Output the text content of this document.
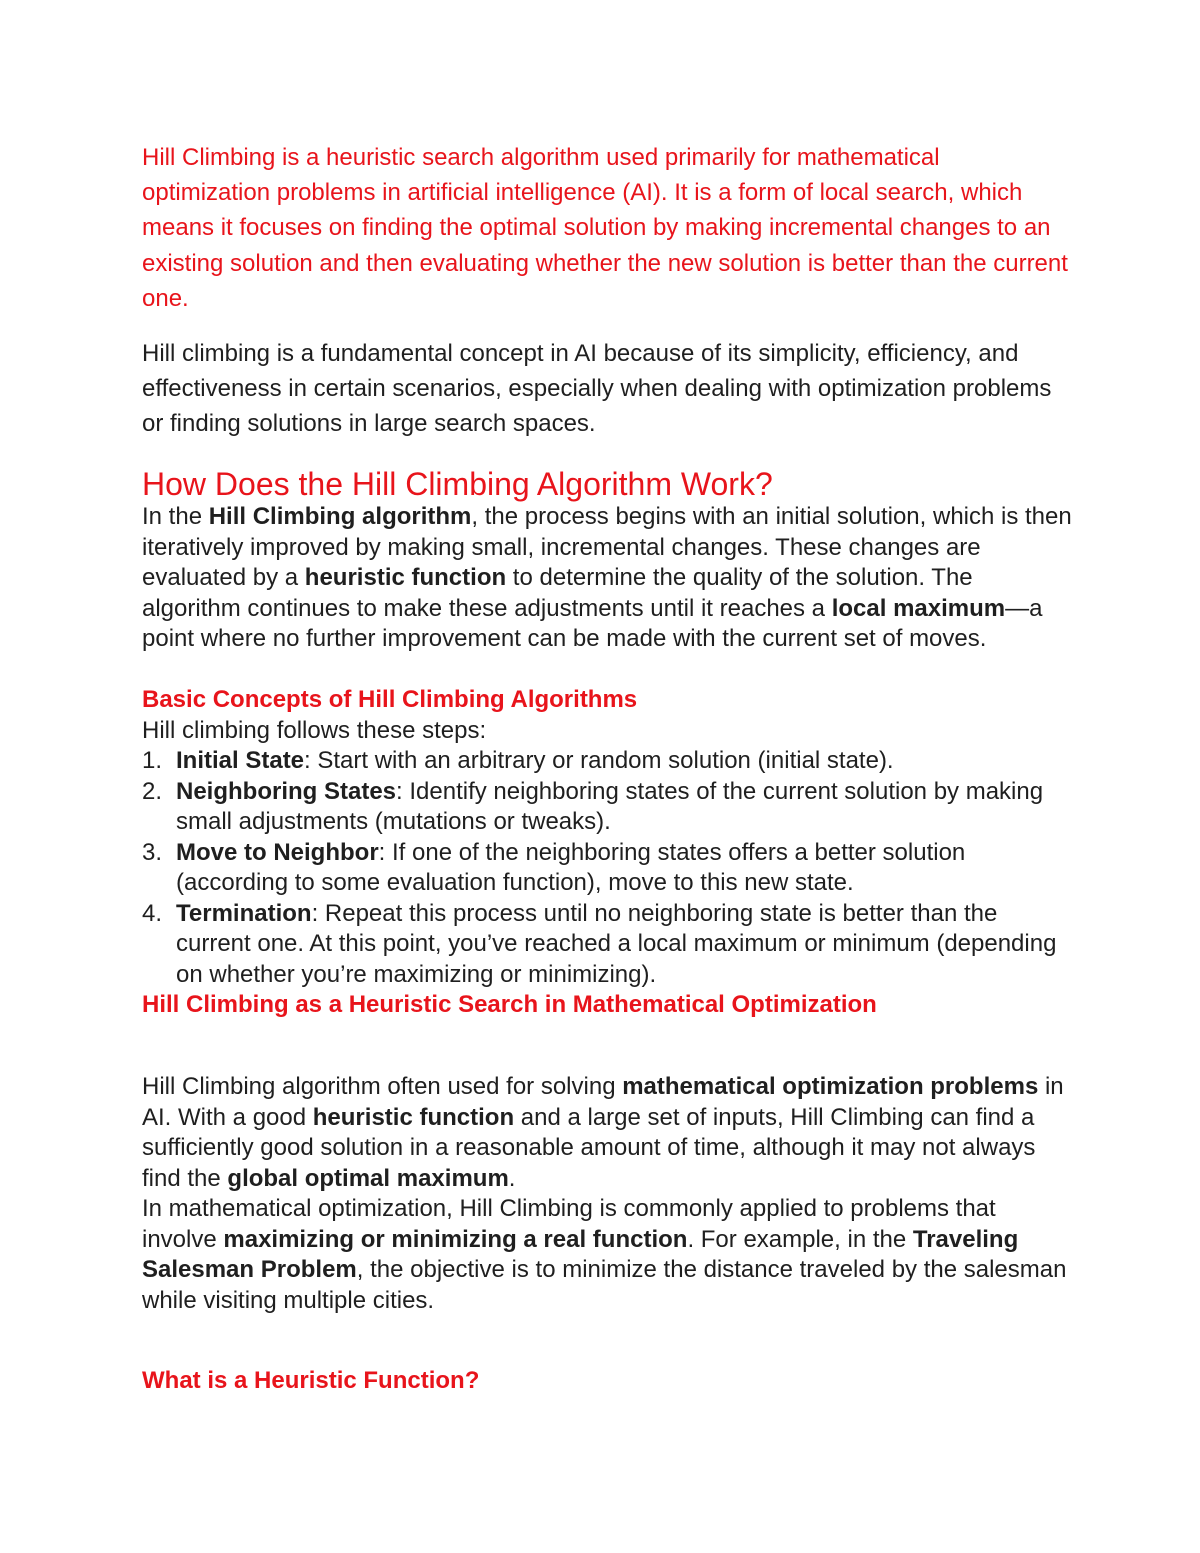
Hill Climbing is a heuristic search algorithm used primarily for mathematical optimization problems in artificial intelligence (AI). It is a form of local search, which means it focuses on finding the optimal solution by making incremental changes to an existing solution and then evaluating whether the new solution is better than the current one.

Hill climbing is a fundamental concept in AI because of its simplicity, efficiency, and effectiveness in certain scenarios, especially when dealing with optimization problems or finding solutions in large search spaces.

How Does the Hill Climbing Algorithm Work?

In the Hill Climbing algorithm, the process begins with an initial solution, which is then iteratively improved by making small, incremental changes. These changes are evaluated by a heuristic function to determine the quality of the solution. The algorithm continues to make these adjustments until it reaches a local maximum—a point where no further improvement can be made with the current set of moves.

Basic Concepts of Hill Climbing Algorithms

Hill climbing follows these steps:

1. Initial State: Start with an arbitrary or random solution (initial state).
2. Neighboring States: Identify neighboring states of the current solution by making small adjustments (mutations or tweaks).
3. Move to Neighbor: If one of the neighboring states offers a better solution (according to some evaluation function), move to this new state.
4. Termination: Repeat this process until no neighboring state is better than the current one. At this point, you’ve reached a local maximum or minimum (depending on whether you’re maximizing or minimizing).
Hill Climbing as a Heuristic Search in Mathematical Optimization

Hill Climbing algorithm often used for solving mathematical optimization problems in AI. With a good heuristic function and a large set of inputs, Hill Climbing can find a sufficiently good solution in a reasonable amount of time, although it may not always find the global optimal maximum.

In mathematical optimization, Hill Climbing is commonly applied to problems that involve maximizing or minimizing a real function. For example, in the Traveling Salesman Problem, the objective is to minimize the distance traveled by the salesman while visiting multiple cities.

What is a Heuristic Function?
